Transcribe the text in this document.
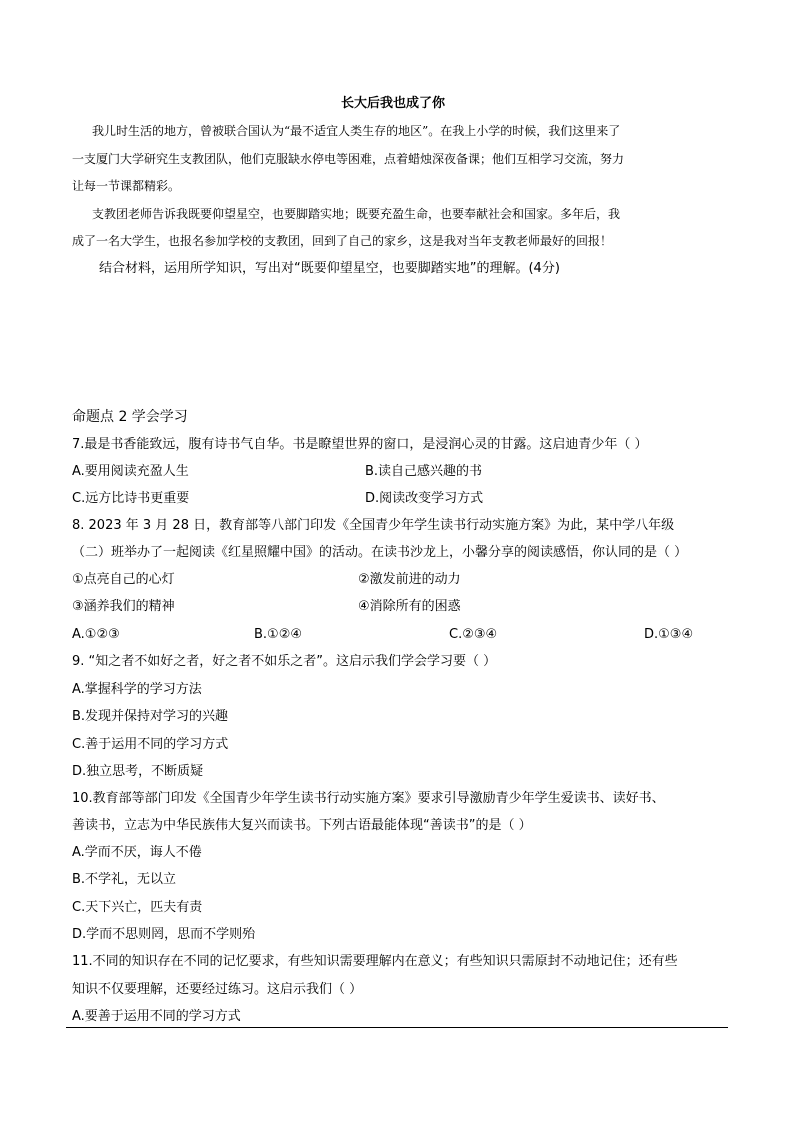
长大后我也成了你
我儿时生活的地方，曾被联合国认为“最不适宜人类生存的地区”。在我上小学的时候，我们这里来了
一支厦门大学研究生支教团队，他们克服缺水停电等困难，点着蜡烛深夜备课；他们互相学习交流，努力
让每一节课都精彩。
支教团老师告诉我既要仰望星空，也要脚踏实地；既要充盈生命，也要奉献社会和国家。多年后，我
成了一名大学生，也报名参加学校的支教团，回到了自己的家乡，这是我对当年支教老师最好的回报！
结合材料，运用所学知识，写出对“既要仰望星空，也要脚踏实地”的理解。(4分)
命题点 2 学会学习
7.最是书香能致远，腹有诗书气自华。书是瞭望世界的窗口，是浸润心灵的甘露。这启迪青少年（ ）
A.要用阅读充盈人生	B.读自己感兴趣的书
C.远方比诗书更重要	D.阅读改变学习方式
8. 2023 年 3 月 28 日，教育部等八部门印发《全国青少年学生读书行动实施方案》为此，某中学八年级
（二）班举办了一起阅读《红星照耀中国》的活动。在读书沙龙上，小馨分享的阅读感悟，你认同的是（ ）
①点亮自己的心灯	②激发前进的动力
③涵养我们的精神	④消除所有的困惑
A.①②③	B.①②④	C.②③④	D.①③④
9. “知之者不如好之者，好之者不如乐之者”。这启示我们学会学习要（ ）
A.掌握科学的学习方法
B.发现并保持对学习的兴趣
C.善于运用不同的学习方式
D.独立思考，不断质疑
10.教育部等部门印发《全国青少年学生读书行动实施方案》要求引导激励青少年学生爱读书、读好书、
善读书，立志为中华民族伟大复兴而读书。下列古语最能体现“善读书”的是（ ）
A.学而不厌，诲人不倦
B.不学礼，无以立
C.天下兴亡，匹夫有责
D.学而不思则罔，思而不学则殆
11.不同的知识存在不同的记忆要求，有些知识需要理解内在意义；有些知识只需原封不动地记住；还有些
知识不仅要理解，还要经过练习。这启示我们（ ）
A.要善于运用不同的学习方式
